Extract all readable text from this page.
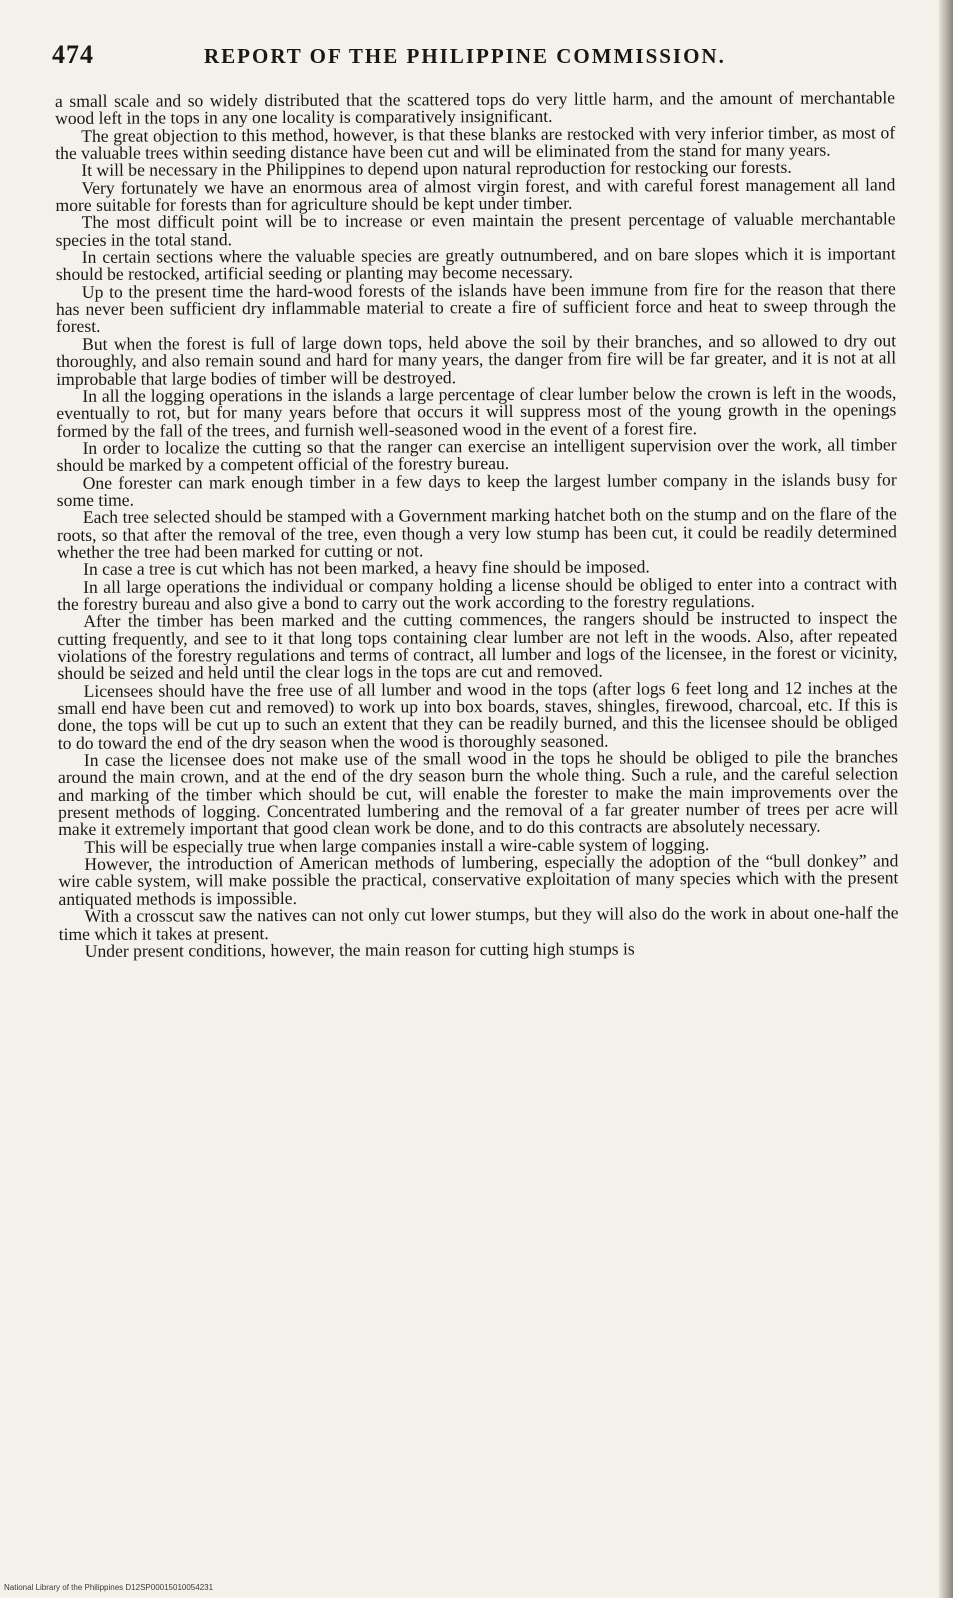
474	REPORT OF THE PHILIPPINE COMMISSION.

a small scale and so widely distributed that the scattered tops do very little harm, and the amount of merchantable wood left in the tops in any one locality is comparatively insignificant.

The great objection to this method, however, is that these blanks are restocked with very inferior timber, as most of the valuable trees within seeding distance have been cut and will be eliminated from the stand for many years.

It will be necessary in the Philippines to depend upon natural reproduction for restocking our forests.

Very fortunately we have an enormous area of almost virgin forest, and with careful forest management all land more suitable for forests than for agriculture should be kept under timber.

The most difficult point will be to increase or even maintain the present percentage of valuable merchantable species in the total stand.

In certain sections where the valuable species are greatly outnumbered, and on bare slopes which it is important should be restocked, artificial seeding or planting may become necessary.

Up to the present time the hard-wood forests of the islands have been immune from fire for the reason that there has never been sufficient dry inflammable material to create a fire of sufficient force and heat to sweep through the forest.

But when the forest is full of large down tops, held above the soil by their branches, and so allowed to dry out thoroughly, and also remain sound and hard for many years, the danger from fire will be far greater, and it is not at all improbable that large bodies of timber will be destroyed.

In all the logging operations in the islands a large percentage of clear lumber below the crown is left in the woods, eventually to rot, but for many years before that occurs it will suppress most of the young growth in the openings formed by the fall of the trees, and furnish well-seasoned wood in the event of a forest fire.

In order to localize the cutting so that the ranger can exercise an intelligent supervision over the work, all timber should be marked by a competent official of the forestry bureau.

One forester can mark enough timber in a few days to keep the largest lumber company in the islands busy for some time.

Each tree selected should be stamped with a Government marking hatchet both on the stump and on the flare of the roots, so that after the removal of the tree, even though a very low stump has been cut, it could be readily determined whether the tree had been marked for cutting or not.

In case a tree is cut which has not been marked, a heavy fine should be imposed.

In all large operations the individual or company holding a license should be obliged to enter into a contract with the forestry bureau and also give a bond to carry out the work according to the forestry regulations.

After the timber has been marked and the cutting commences, the rangers should be instructed to inspect the cutting frequently, and see to it that long tops containing clear lumber are not left in the woods. Also, after repeated violations of the forestry regulations and terms of contract, all lumber and logs of the licensee, in the forest or vicinity, should be seized and held until the clear logs in the tops are cut and removed.

Licensees should have the free use of all lumber and wood in the tops (after logs 6 feet long and 12 inches at the small end have been cut and removed) to work up into box boards, staves, shingles, firewood, charcoal, etc. If this is done, the tops will be cut up to such an extent that they can be readily burned, and this the licensee should be obliged to do toward the end of the dry season when the wood is thoroughly seasoned.

In case the licensee does not make use of the small wood in the tops he should be obliged to pile the branches around the main crown, and at the end of the dry season burn the whole thing. Such a rule, and the careful selection and marking of the timber which should be cut, will enable the forester to make the main improvements over the present methods of logging. Concentrated lumbering and the removal of a far greater number of trees per acre will make it extremely important that good clean work be done, and to do this contracts are absolutely necessary.

This will be especially true when large companies install a wire-cable system of logging.

However, the introduction of American methods of lumbering, especially the adoption of the “bull donkey” and wire cable system, will make possible the practical, conservative exploitation of many species which with the present antiquated methods is impossible.

With a crosscut saw the natives can not only cut lower stumps, but they will also do the work in about one-half the time which it takes at present.

Under present conditions, however, the main reason for cutting high stumps is

National Library of the Philippines D12SP00015010054231
